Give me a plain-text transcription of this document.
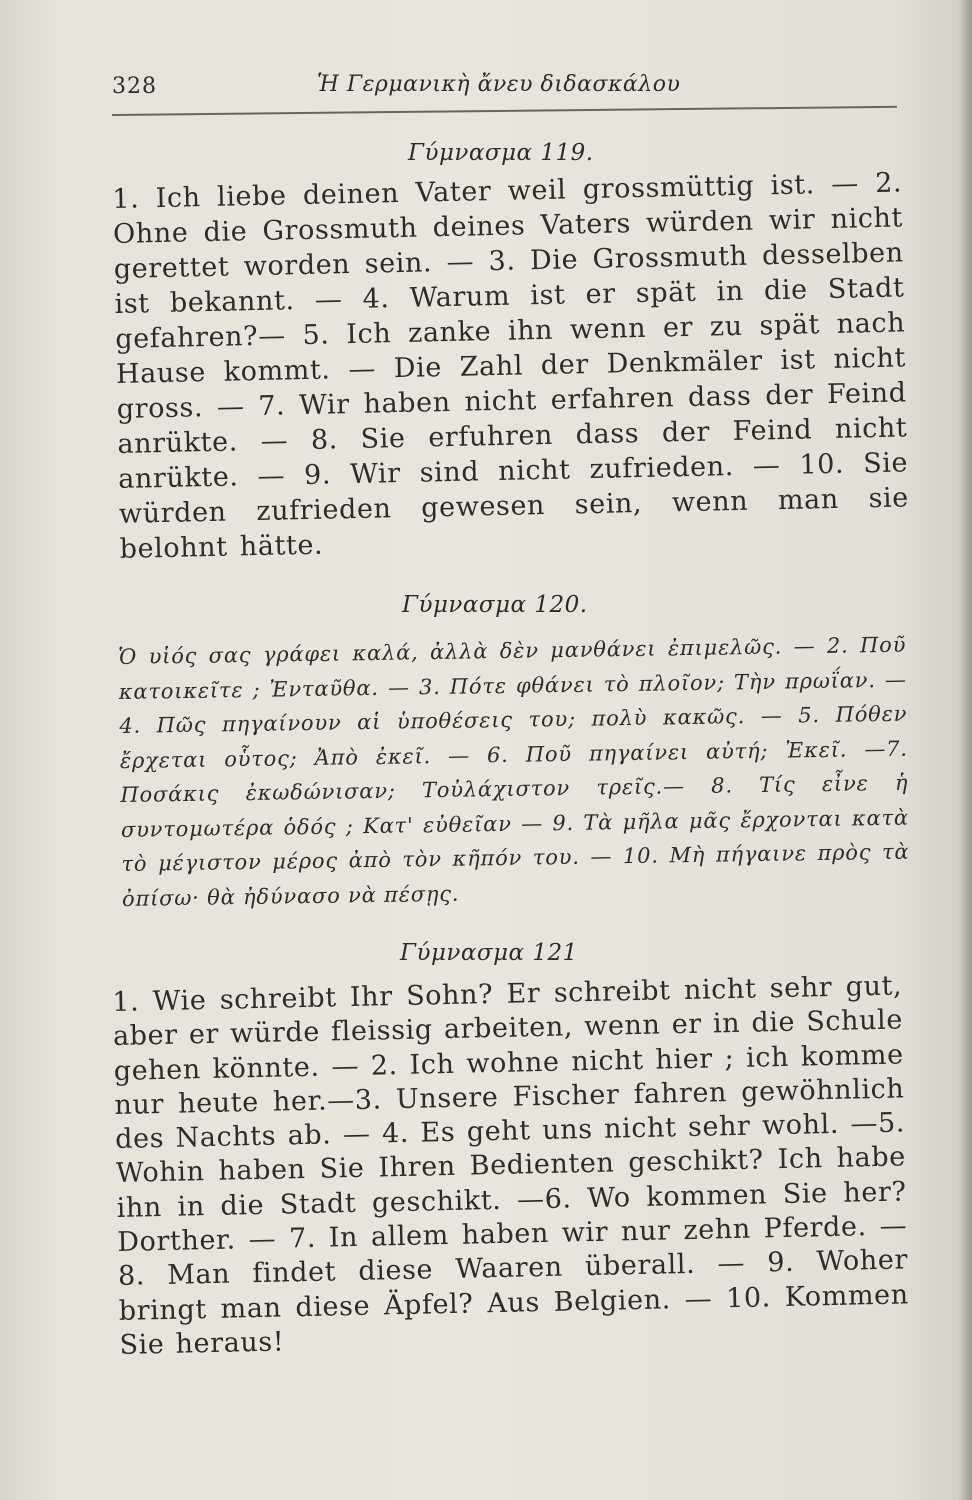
328	Ἡ Γερμανικὴ ἄνευ διδασκάλου
Γύμνασμα 119.
1. Ich liebe deinen Vater weil grossmüttig ist. — 2. Ohne die Grossmuth deines Vaters würden wir nicht gerettet worden sein. — 3. Die Grossmuth desselben ist bekannt. — 4. Warum ist er spät in die Stadt gefahren?— 5. Ich zanke ihn wenn er zu spät nach Hause kommt. — Die Zahl der Denkmäler ist nicht gross. — 7. Wir haben nicht erfahren dass der Feind anrükte. — 8. Sie erfuhren dass der Feind nicht anrükte. — 9. Wir sind nicht zufrieden. — 10. Sie würden zufrieden gewesen sein, wenn man sie belohnt hätte.
Γύμνασμα 120.
Ὁ υἱός σας γράφει καλά, ἀλλὰ δὲν μανθάνει ἐπιμελῶς. — 2. Ποῦ κατοικεῖτε ; Ἐνταῦθα. — 3. Πότε φθάνει τὸ πλοῖον; Τὴν πρωΐαν. — 4. Πῶς πηγαίνουν αἱ ὑποθέσεις του; πολὺ κακῶς. — 5. Πόθεν ἔρχεται οὗτος; Ἀπὸ ἐκεῖ. — 6. Ποῦ πηγαίνει αὐτή; Ἐκεῖ. —7. Ποσάκις ἐκωδώνισαν; Τοὐλάχιστον τρεῖς.— 8. Τίς εἶνε ἡ συντομωτέρα ὁδός ; Κατ' εὐθεῖαν — 9. Τὰ μῆλα μᾶς ἔρχονται κατὰ τὸ μέγιστον μέρος ἀπὸ τὸν κῆπόν του. — 10. Μὴ πήγαινε πρὸς τὰ ὀπίσω· θὰ ἠδύνασο νὰ πέσῃς.
Γύμνασμα 121
1. Wie schreibt Ihr Sohn? Er schreibt nicht sehr gut, aber er würde fleissig arbeiten, wenn er in die Schule gehen könnte. — 2. Ich wohne nicht hier ; ich komme nur heute her.—3. Unsere Fischer fahren gewöhnlich des Nachts ab. — 4. Es geht uns nicht sehr wohl. —5. Wohin haben Sie Ihren Bedienten geschikt? Ich habe ihn in die Stadt geschikt. —6. Wo kommen Sie her? Dorther. — 7. In allem haben wir nur zehn Pferde. — 8. Man findet diese Waaren überall. — 9. Woher bringt man diese Äpfel? Aus Belgien. — 10. Kommen Sie heraus!
